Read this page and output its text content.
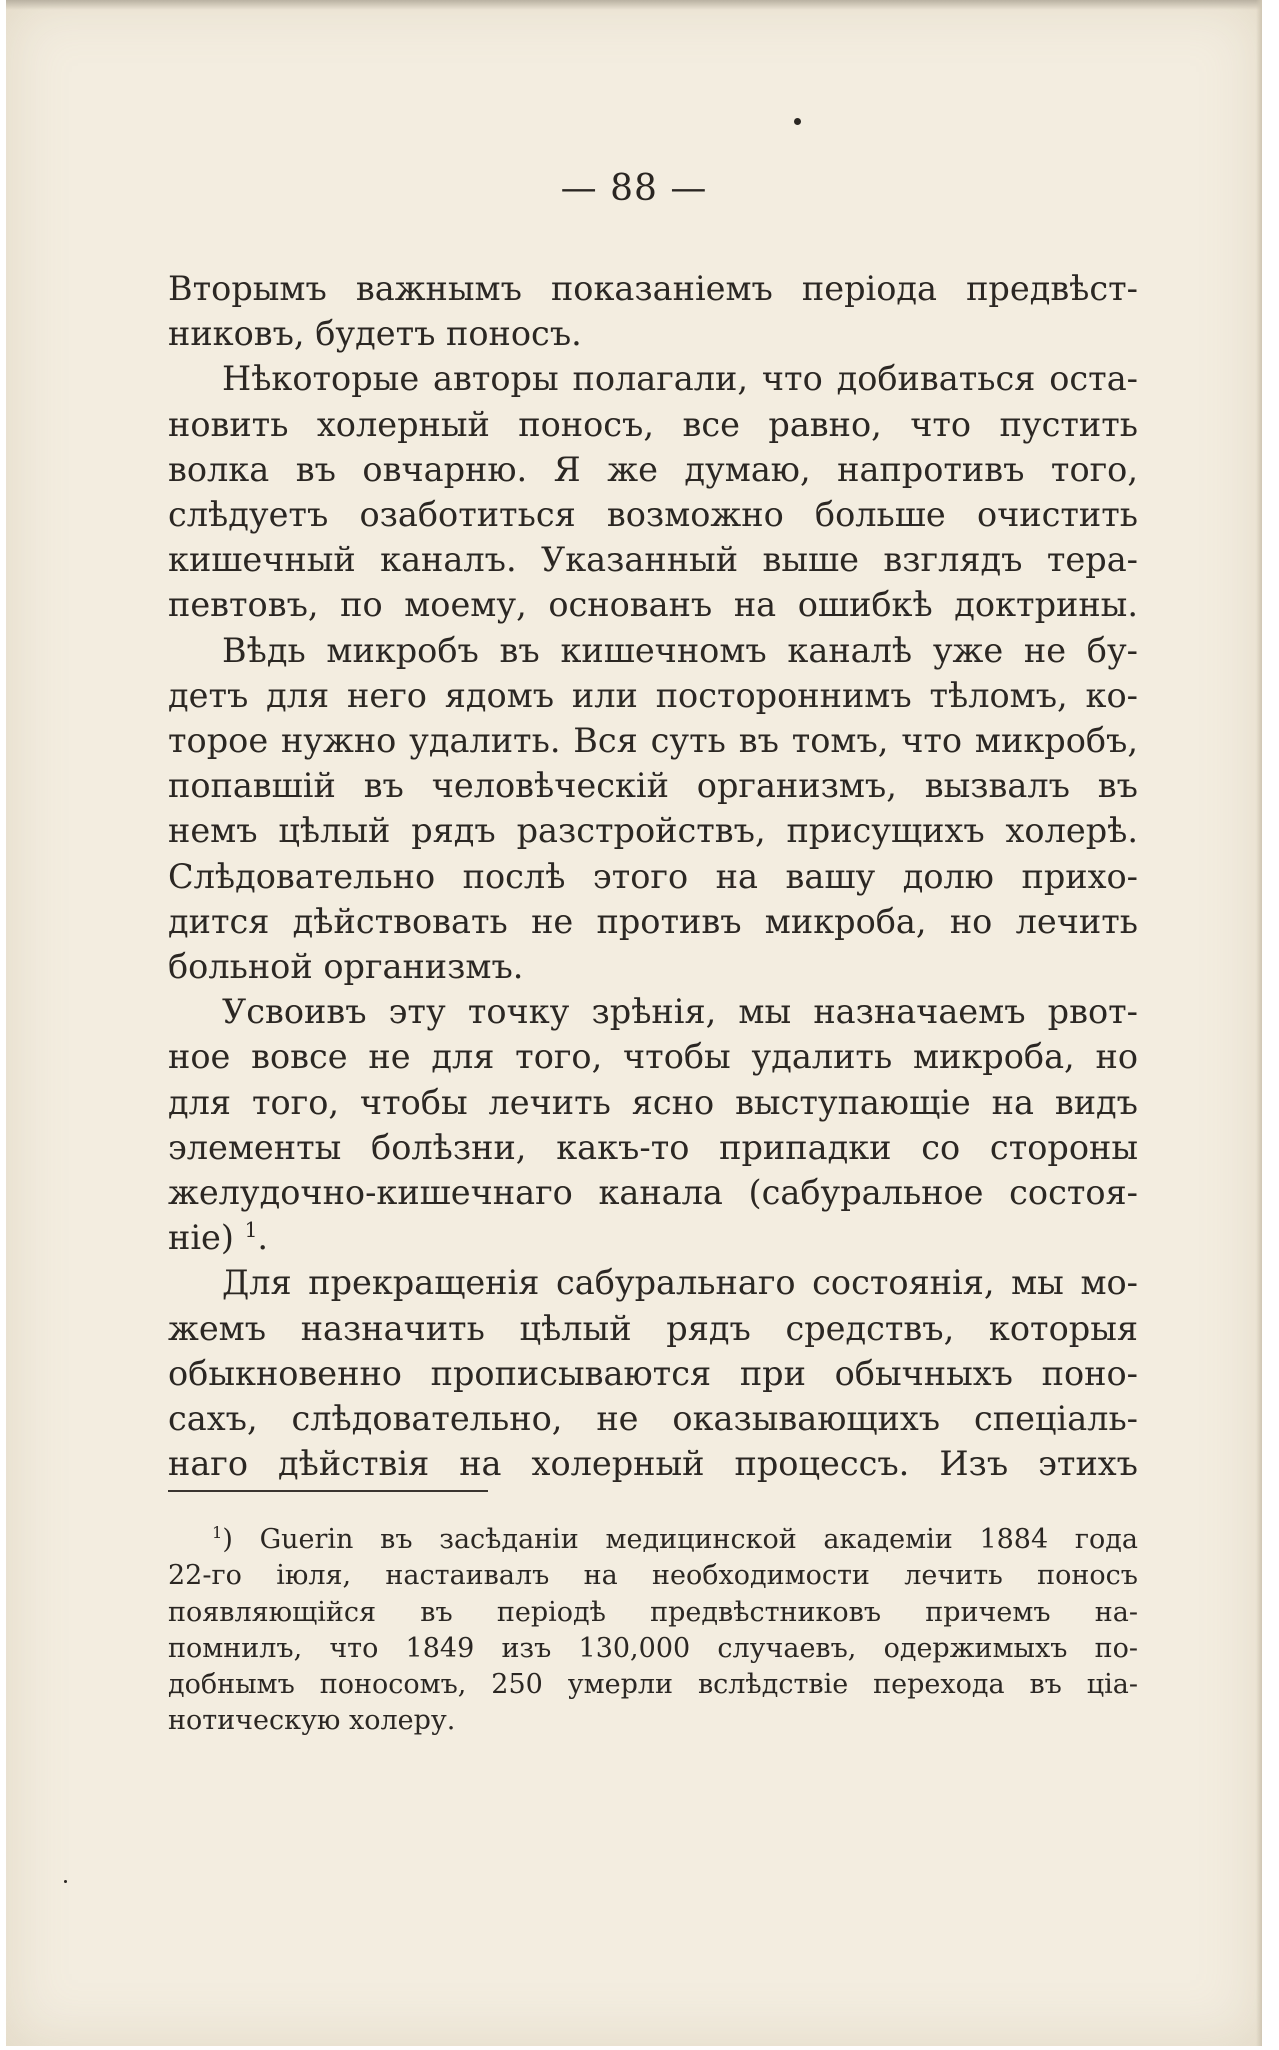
— 88 —
Вторымъ важнымъ показаніемъ періода предвѣст-
никовъ, будетъ поносъ.
Нѣкоторые авторы полагали, что добиваться оста-
новить холерный поносъ, все равно, что пустить
волка въ овчарню. Я же думаю, напротивъ того,
слѣдуетъ озаботиться возможно больше очистить
кишечный каналъ. Указанный выше взглядъ тера-
певтовъ, по моему, основанъ на ошибкѣ доктрины.
Вѣдь микробъ въ кишечномъ каналѣ уже не бу-
детъ для него ядомъ или постороннимъ тѣломъ, ко-
торое нужно удалить. Вся суть въ томъ, что микробъ,
попавшій въ человѣческій организмъ, вызвалъ въ
немъ цѣлый рядъ разстройствъ, присущихъ холерѣ.
Слѣдовательно послѣ этого на вашу долю прихо-
дится дѣйствовать не противъ микроба, но лечить
больной организмъ.
Усвоивъ эту точку зрѣнія, мы назначаемъ рвот-
ное вовсе не для того, чтобы удалить микроба, но
для того, чтобы лечить ясно выступающіе на видъ
элементы болѣзни, какъ-то припадки со стороны
желудочно-кишечнаго канала (сабуральное состоя-
ніе) $^1$.
Для прекращенія сабуральнаго состоянія, мы мо-
жемъ назначить цѣлый рядъ средствъ, которыя
обыкновенно прописываются при обычныхъ поно-
сахъ, слѣдовательно, не оказывающихъ спеціаль-
наго дѣйствія на холерный процессъ. Изъ этихъ
$^1$) Guerin въ засѣданіи медицинской академіи 1884 года
22-го іюля, настаивалъ на необходимости лечить поносъ
появляющійся въ періодѣ предвѣстниковъ причемъ на-
помнилъ, что 1849 изъ 130,000 случаевъ, одержимыхъ по-
добнымъ поносомъ, 250 умерли вслѣдствіе перехода въ ціа-
нотическую холеру.
